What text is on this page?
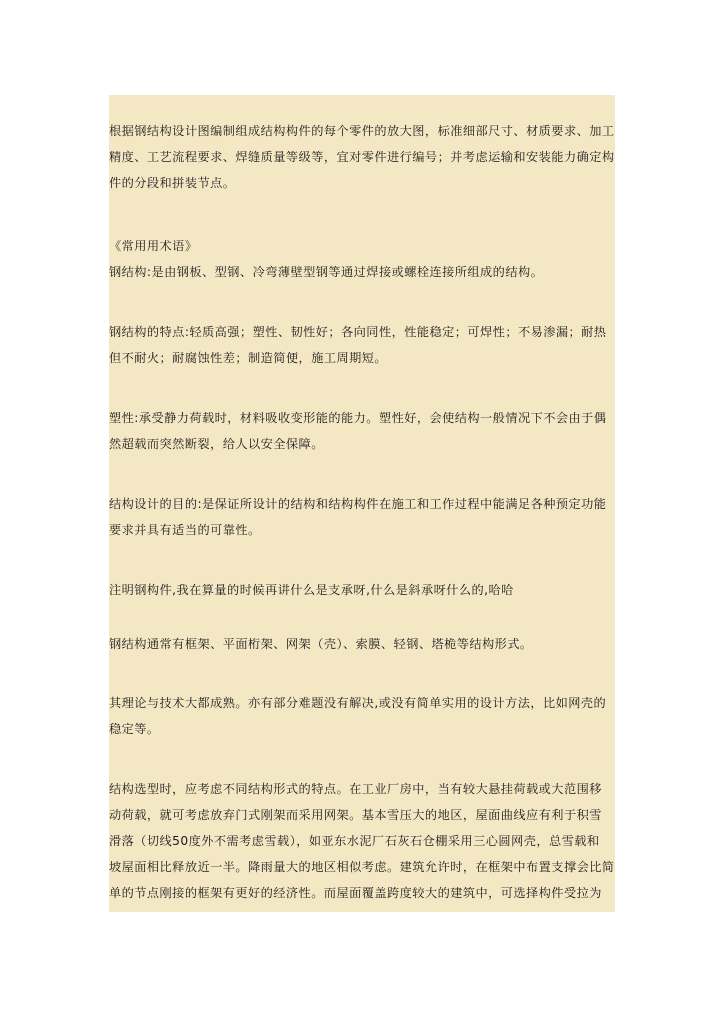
根据钢结构设计图编制组成结构构件的每个零件的放大图，标准细部尺寸、材质要求、加工
精度、工艺流程要求、焊缝质量等级等，宜对零件进行编号；并考虑运输和安装能力确定构
件的分段和拼装节点。

《常用用术语》
钢结构:是由钢板、型钢、冷弯薄壁型钢等通过焊接或螺栓连接所组成的结构。

钢结构的特点:轻质高强；塑性、韧性好；各向同性，性能稳定；可焊性；不易渗漏；耐热
但不耐火；耐腐蚀性差；制造简便，施工周期短。

塑性:承受静力荷载时，材料吸收变形能的能力。塑性好，会使结构一般情况下不会由于偶
然超载而突然断裂，给人以安全保障。

结构设计的目的:是保证所设计的结构和结构构件在施工和工作过程中能满足各种预定功能
要求并具有适当的可靠性。

注明钢构件,我在算量的时候再讲什么是支承呀,什么是斜承呀什么的,哈哈

钢结构通常有框架、平面桁架、网架（壳）、索膜、轻钢、塔桅等结构形式。

其理论与技术大都成熟。亦有部分难题没有解决,或没有简单实用的设计方法，比如网壳的
稳定等。

结构选型时，应考虑不同结构形式的特点。在工业厂房中，当有较大悬挂荷载或大范围移
动荷载，就可考虑放弃门式刚架而采用网架。基本雪压大的地区，屋面曲线应有利于积雪
滑落（切线50度外不需考虑雪载），如亚东水泥厂石灰石仓棚采用三心圆网壳，总雪载和
坡屋面相比释放近一半。降雨量大的地区相似考虑。建筑允许时，在框架中布置支撑会比简
单的节点刚接的框架有更好的经济性。而屋面覆盖跨度较大的建筑中，可选择构件受拉为
